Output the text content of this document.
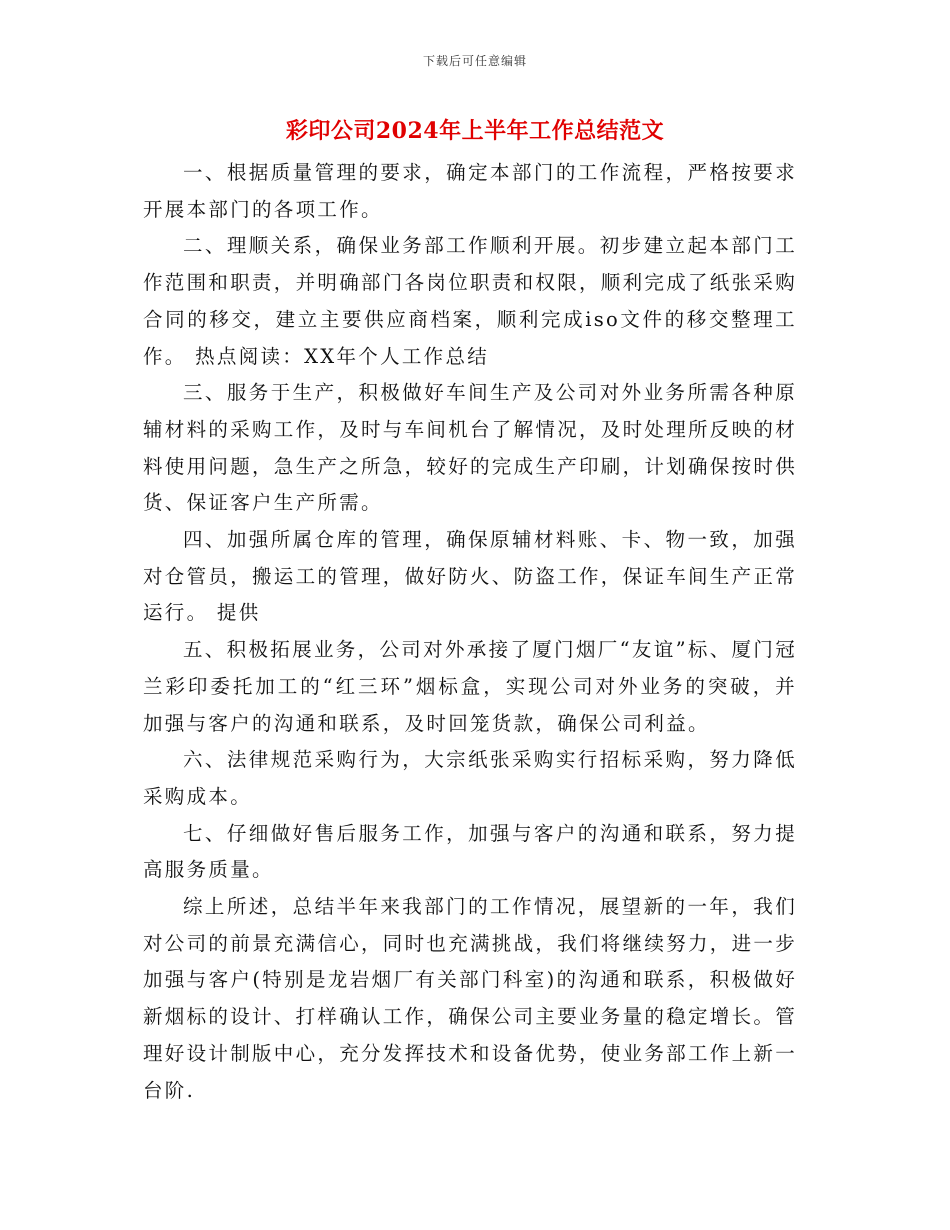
下载后可任意编辑
彩印公司2024年上半年工作总结范文

一、根据质量管理的要求，确定本部门的工作流程，严格按要求开展本部门的各项工作。

二、理顺关系，确保业务部工作顺利开展。初步建立起本部门工作范围和职责，并明确部门各岗位职责和权限，顺利完成了纸张采购合同的移交，建立主要供应商档案，顺利完成iso文件的移交整理工作。 热点阅读：XX年个人工作总结

三、服务于生产，积极做好车间生产及公司对外业务所需各种原辅材料的采购工作，及时与车间机台了解情况，及时处理所反映的材料使用问题，急生产之所急，较好的完成生产印刷，计划确保按时供货、保证客户生产所需。

四、加强所属仓库的管理，确保原辅材料账、卡、物一致，加强对仓管员，搬运工的管理，做好防火、防盗工作，保证车间生产正常运行。 提供

五、积极拓展业务，公司对外承接了厦门烟厂“友谊”标、厦门冠兰彩印委托加工的“红三环”烟标盒，实现公司对外业务的突破，并加强与客户的沟通和联系，及时回笼货款，确保公司利益。

六、法律规范采购行为，大宗纸张采购实行招标采购，努力降低采购成本。

七、仔细做好售后服务工作，加强与客户的沟通和联系，努力提高服务质量。

综上所述，总结半年来我部门的工作情况，展望新的一年，我们对公司的前景充满信心，同时也充满挑战，我们将继续努力，进一步加强与客户(特别是龙岩烟厂有关部门科室)的沟通和联系，积极做好新烟标的设计、打样确认工作，确保公司主要业务量的稳定增长。管理好设计制版中心，充分发挥技术和设备优势，使业务部工作上新一台阶.
